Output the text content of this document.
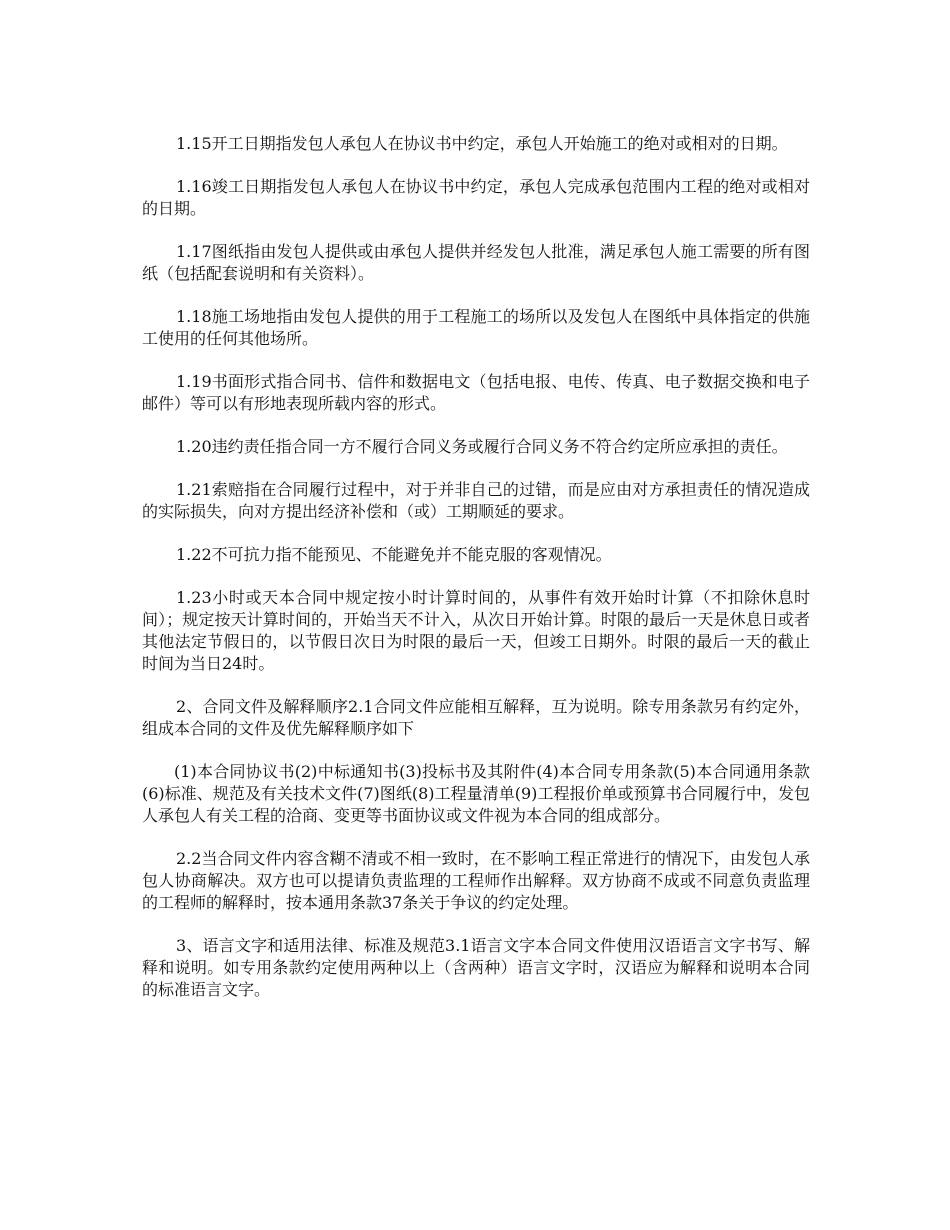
1.15开工日期指发包人承包人在协议书中约定，承包人开始施工的绝对或相对的日期。

1.16竣工日期指发包人承包人在协议书中约定，承包人完成承包范围内工程的绝对或相对的日期。

1.17图纸指由发包人提供或由承包人提供并经发包人批准，满足承包人施工需要的所有图纸（包括配套说明和有关资料）。

1.18施工场地指由发包人提供的用于工程施工的场所以及发包人在图纸中具体指定的供施工使用的任何其他场所。

1.19书面形式指合同书、信件和数据电文（包括电报、电传、传真、电子数据交换和电子邮件）等可以有形地表现所载内容的形式。

1.20违约责任指合同一方不履行合同义务或履行合同义务不符合约定所应承担的责任。

1.21索赔指在合同履行过程中，对于并非自己的过错，而是应由对方承担责任的情况造成的实际损失，向对方提出经济补偿和（或）工期顺延的要求。

1.22不可抗力指不能预见、不能避免并不能克服的客观情况。

1.23小时或天本合同中规定按小时计算时间的，从事件有效开始时计算（不扣除休息时间）；规定按天计算时间的，开始当天不计入，从次日开始计算。时限的最后一天是休息日或者其他法定节假日的，以节假日次日为时限的最后一天，但竣工日期外。时限的最后一天的截止时间为当日24时。

2、合同文件及解释顺序2.1合同文件应能相互解释，互为说明。除专用条款另有约定外，组成本合同的文件及优先解释顺序如下

(1)本合同协议书(2)中标通知书(3)投标书及其附件(4)本合同专用条款(5)本合同通用条款(6)标准、规范及有关技术文件(7)图纸(8)工程量清单(9)工程报价单或预算书合同履行中，发包人承包人有关工程的洽商、变更等书面协议或文件视为本合同的组成部分。

2.2当合同文件内容含糊不清或不相一致时，在不影响工程正常进行的情况下，由发包人承包人协商解决。双方也可以提请负责监理的工程师作出解释。双方协商不成或不同意负责监理的工程师的解释时，按本通用条款37条关于争议的约定处理。

3、语言文字和适用法律、标准及规范3.1语言文字本合同文件使用汉语语言文字书写、解释和说明。如专用条款约定使用两种以上（含两种）语言文字时，汉语应为解释和说明本合同的标准语言文字。
